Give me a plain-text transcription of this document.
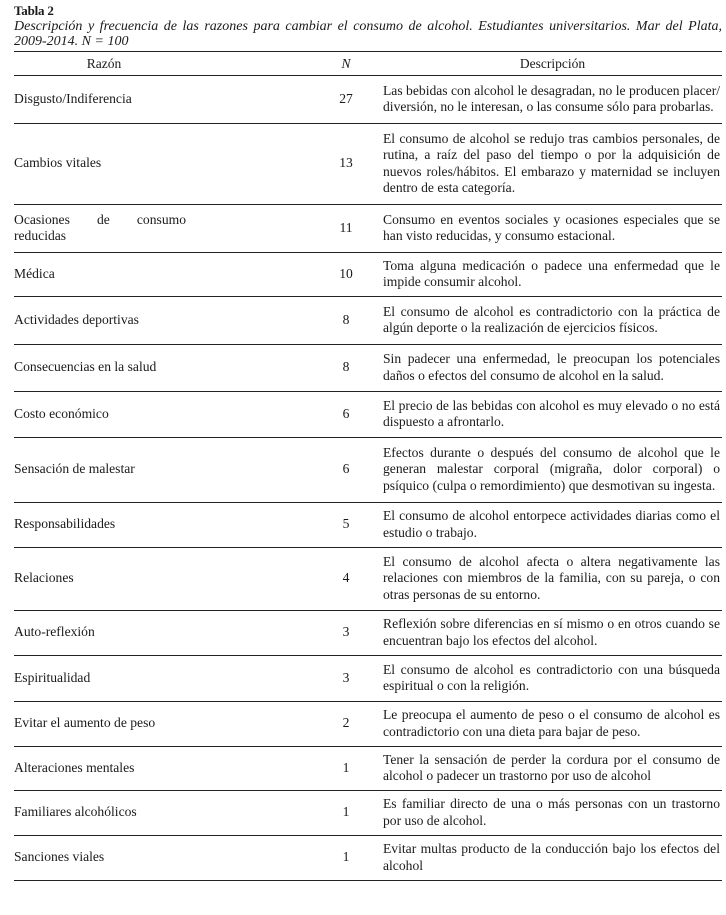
Tabla 2
Descripción y frecuencia de las razones para cambiar el consumo de alcohol. Estudiantes universitarios. Mar del Plata, 2009-2014. N = 100
Razón		N	Descripción
Disgusto/Indiferencia		27	Las bebidas con alcohol le desagradan, no le producen placer/ diversión, no le interesan, o las consume sólo para probarlas.
Cambios vitales		13	El consumo de alcohol se redujo tras cambios personales, de rutina, a raíz del paso del tiempo o por la adquisición de nuevos roles/hábitos. El embarazo y maternidad se incluyen dentro de esta categoría.
Ocasiones de consumo reducidas		11	Consumo en eventos sociales y ocasiones especiales que se han visto reducidas, y consumo estacional.
Médica		10	Toma alguna medicación o padece una enfermedad que le impide consumir alcohol.
Actividades deportivas		8	El consumo de alcohol es contradictorio con la práctica de algún deporte o la realización de ejercicios físicos.
Consecuencias en la salud		8	Sin padecer una enfermedad, le preocupan los potenciales daños o efectos del consumo de alcohol en la salud.
Costo económico		6	El precio de las bebidas con alcohol es muy elevado o no está dispuesto a afrontarlo.
Sensación de malestar		6	Efectos durante o después del consumo de alcohol que le generan malestar corporal (migraña, dolor corporal) o psíquico (culpa o remordimiento) que desmotivan su ingesta.
Responsabilidades		5	El consumo de alcohol entorpece actividades diarias como el estudio o trabajo.
Relaciones		4	El consumo de alcohol afecta o altera negativamente las relaciones con miembros de la familia, con su pareja, o con otras personas de su entorno.
Auto-reflexión		3	Reflexión sobre diferencias en sí mismo o en otros cuando se encuentran bajo los efectos del alcohol.
Espiritualidad		3	El consumo de alcohol es contradictorio con una búsqueda espiritual o con la religión.
Evitar el aumento de peso		2	Le preocupa el aumento de peso o el consumo de alcohol es contradictorio con una dieta para bajar de peso.
Alteraciones mentales		1	Tener la sensación de perder la cordura por el consumo de alcohol o padecer un trastorno por uso de alcohol
Familiares alcohólicos		1	Es familiar directo de una o más personas con un trastorno por uso de alcohol.
Sanciones viales		1	Evitar multas producto de la conducción bajo los efectos del alcohol
